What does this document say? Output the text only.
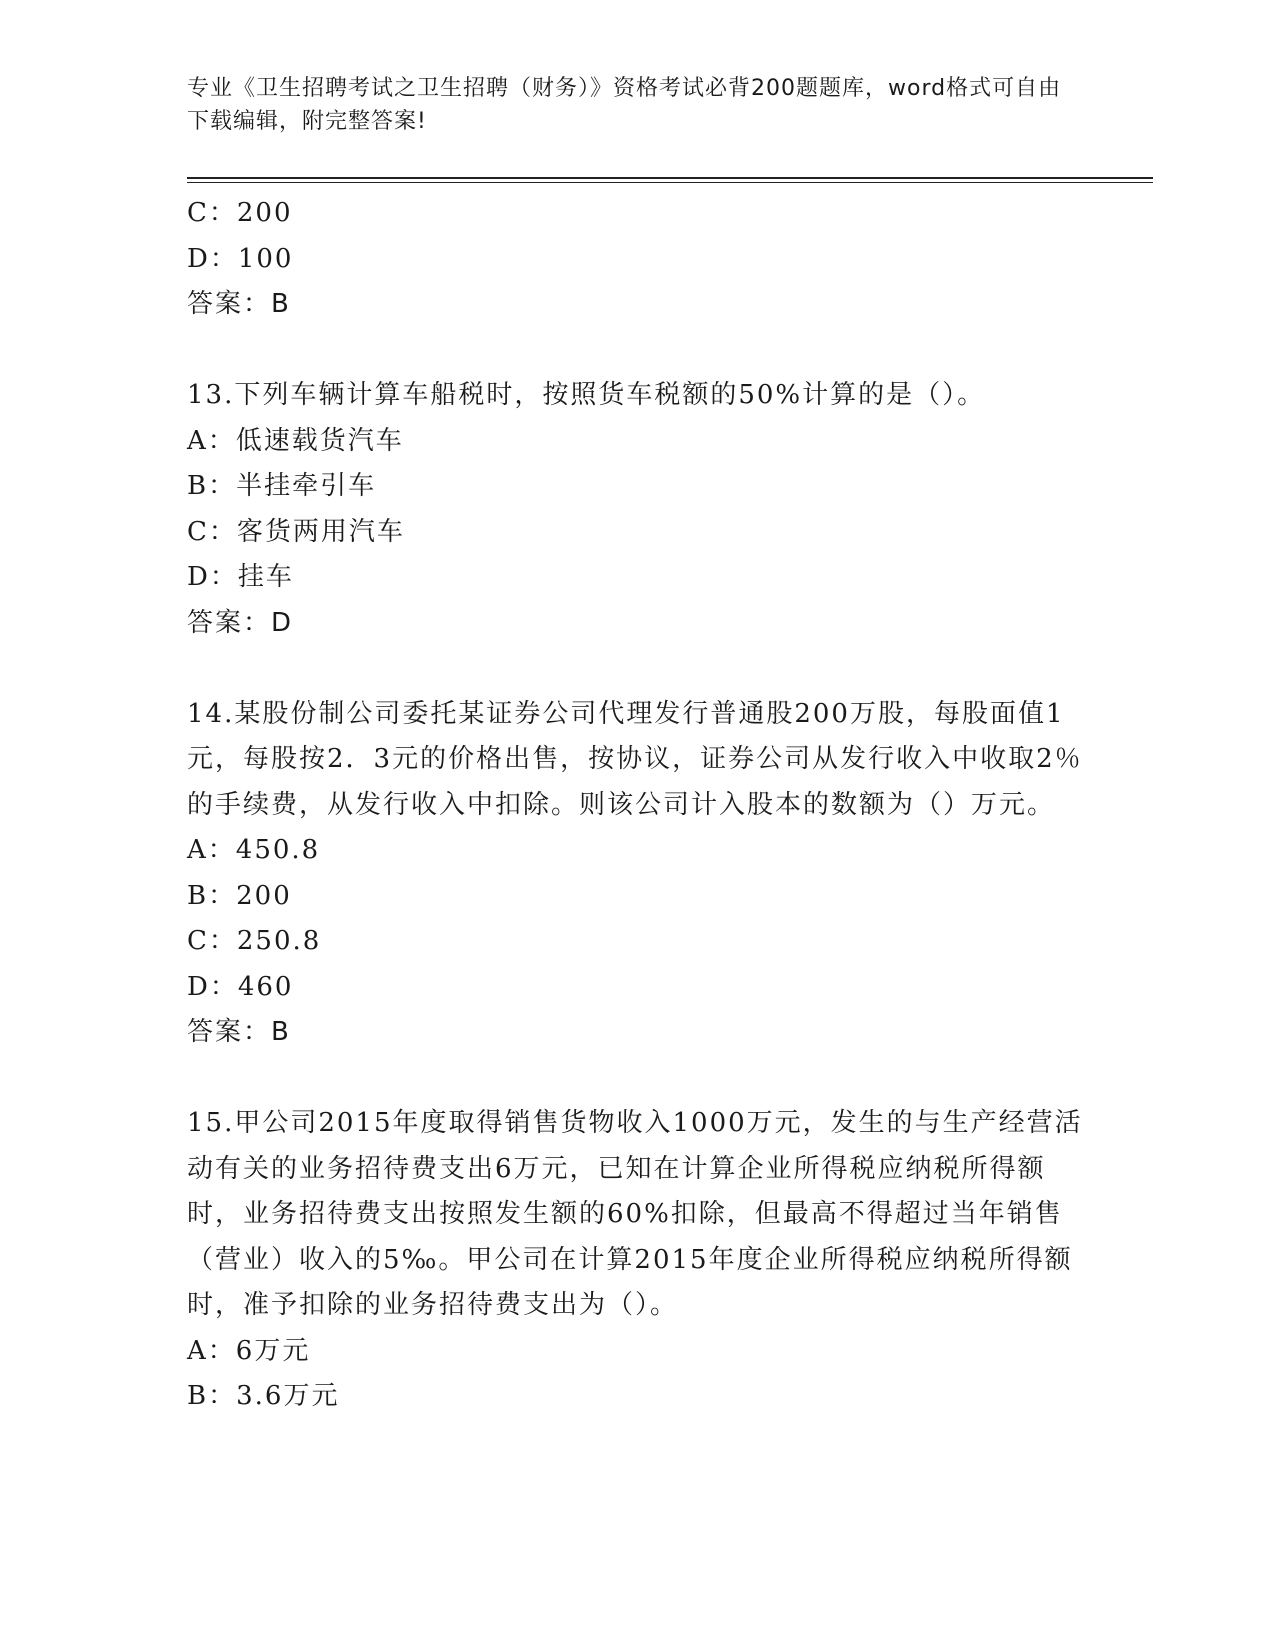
专业《卫生招聘考试之卫生招聘（财务）》资格考试必背200题题库，word格式可自由下载编辑，附完整答案!
C：200
D：100
答案：B
13.下列车辆计算车船税时，按照货车税额的50%计算的是（）。
A：低速载货汽车
B：半挂牵引车
C：客货两用汽车
D：挂车
答案：D
14.某股份制公司委托某证券公司代理发行普通股200万股，每股面值1元，每股按2．3元的价格出售，按协议，证券公司从发行收入中收取2％的手续费，从发行收入中扣除。则该公司计入股本的数额为（）万元。
A：450.8
B：200
C：250.8
D：460
答案：B
15.甲公司2015年度取得销售货物收入1000万元，发生的与生产经营活动有关的业务招待费支出6万元，已知在计算企业所得税应纳税所得额时，业务招待费支出按照发生额的60%扣除，但最高不得超过当年销售（营业）收入的5‰。甲公司在计算2015年度企业所得税应纳税所得额时，准予扣除的业务招待费支出为（）。
A：6万元
B：3.6万元
